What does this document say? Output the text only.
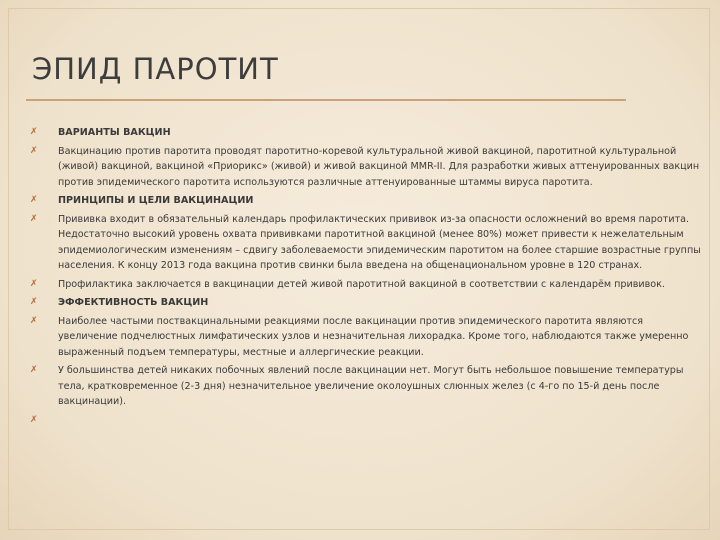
ЭПИД ПАРОТИТ
✗ ВАРИАНТЫ ВАКЦИН
✗ Вакцинацию против паротита проводят паротитно-коревой культуральной живой вакциной, паротитной культуральной (живой) вакциной, вакциной «Приорикс» (живой) и живой вакциной MMR-II. Для разработки живых аттенуированных вакцин против эпидемического паротита используются различные аттенуированные штаммы вируса паротита.
✗ ПРИНЦИПЫ И ЦЕЛИ ВАКЦИНАЦИИ
✗ Прививка входит в обязательный календарь профилактических прививок из-за опасности осложнений во время паротита. Недостаточно высокий уровень охвата прививками паротитной вакциной (менее 80%) может привести к нежелательным эпидемиологическим изменениям – сдвигу заболеваемости эпидемическим паротитом на более старшие возрастные группы населения. К концу 2013 года вакцина против свинки была введена на общенациональном уровне в 120 странах.
✗ Профилактика заключается в вакцинации детей живой паротитной вакциной в соответствии с календарём прививок.
✗ ЭФФЕКТИВНОСТЬ ВАКЦИН
✗ Наиболее частыми поствакцинальными реакциями после вакцинации против эпидемического паротита являются увеличение подчелюстных лимфатических узлов и незначительная лихорадка. Кроме того, наблюдаются также умеренно выраженный подъем температуры, местные и аллергические реакции.
✗ У большинства детей никаких побочных явлений после вакцинации нет. Могут быть небольшое повышение температуры тела, кратковременное (2-3 дня) незначительное увеличение околоушных слюнных желез (с 4-го по 15-й день после вакцинации).
✗
